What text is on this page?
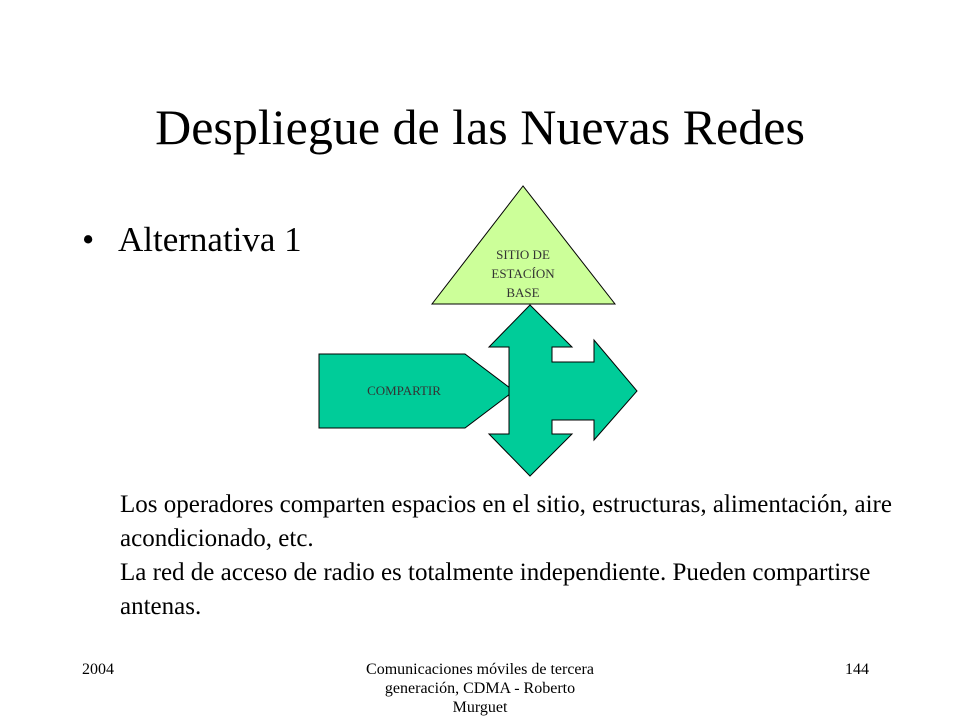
Despliegue de las Nuevas Redes
• Alternativa 1	SITIO DE
ESTACÍON
BASE
COMPARTIR

Los operadores comparten espacios en el sitio, estructuras, alimentación, aire acondicionado, etc.

La red de acceso de radio es totalmente independiente. Pueden compartirse antenas.

2004	Comunicaciones móviles de tercera
generación, CDMA - Roberto
Murguet
144
